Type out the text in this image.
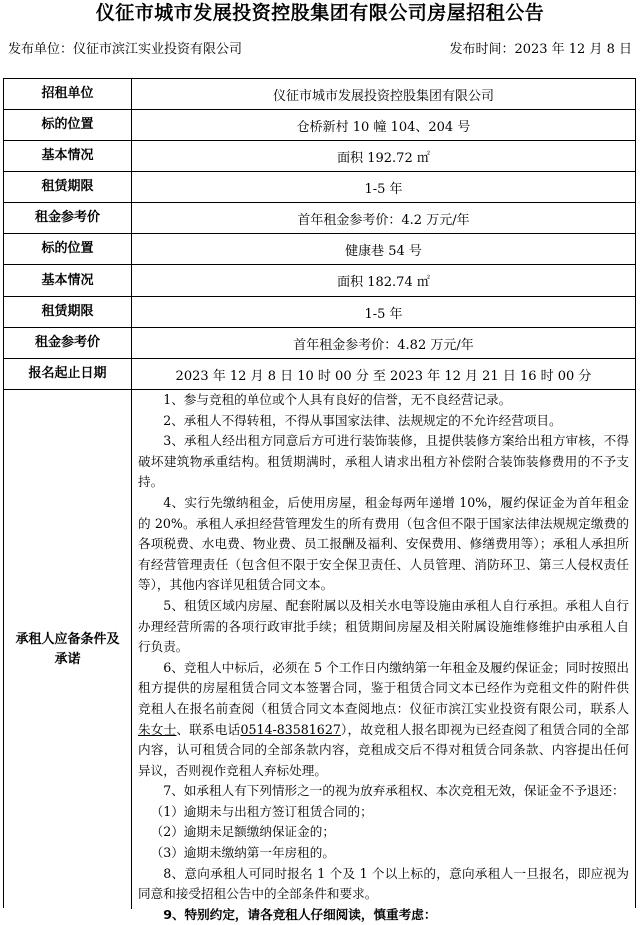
仪征市城市发展投资控股集团有限公司房屋招租公告
发布单位：仪征市滨江实业投资有限公司	发布时间：2023 年 12 月 8 日
招租单位	仪征市城市发展投资控股集团有限公司
标的位置	仓桥新村 10 幢 104、204 号
基本情况	面积 192.72 ㎡
租赁期限	1-5 年
租金参考价	首年租金参考价：4.2 万元/年
标的位置	健康巷 54 号
基本情况	面积 182.74 ㎡
租赁期限	1-5 年
租金参考价	首年租金参考价：4.82 万元/年
报名起止日期	2023 年 12 月 8 日 10 时 00 分 至 2023 年 12 月 21 日 16 时 00 分
承租人应备条件及承诺

1、参与竞租的单位或个人具有良好的信誉，无不良经营记录。

2、承租人不得转租，不得从事国家法律、法规规定的不允许经营项目。

3、承租人经出租方同意后方可进行装饰装修，且提供装修方案给出租方审核，不得破坏建筑物承重结构。租赁期满时，承租人请求出租方补偿附合装饰装修费用的不予支持。

4、实行先缴纳租金，后使用房屋，租金每两年递增 10%，履约保证金为首年租金的 20%。承租人承担经营管理发生的所有费用（包含但不限于国家法律法规规定缴费的各项税费、水电费、物业费、员工报酬及福利、安保费用、修缮费用等）；承租人承担所有经营管理责任（包含但不限于安全保卫责任、人员管理、消防环卫、第三人侵权责任等），其他内容详见租赁合同文本。

5、租赁区域内房屋、配套附属以及相关水电等设施由承租人自行承担。承租人自行办理经营所需的各项行政审批手续；租赁期间房屋及相关附属设施维修维护由承租人自行负责。

6、竞租人中标后，必须在 5 个工作日内缴纳第一年租金及履约保证金；同时按照出租方提供的房屋租赁合同文本签署合同，鉴于租赁合同文本已经作为竞租文件的附件供竞租人在报名前查阅（租赁合同文本查阅地点：仪征市滨江实业投资有限公司，联系人朱女士、联系电话0514-83581627），故竞租人报名即视为已经查阅了租赁合同的全部内容，认可租赁合同的全部条款内容，竞租成交后不得对租赁合同条款、内容提出任何异议，否则视作竞租人弃标处理。

7、如承租人有下列情形之一的视为放弃承租权、本次竞租无效，保证金不予退还：

（1）逾期未与出租方签订租赁合同的；

（2）逾期未足额缴纳保证金的；

（3）逾期未缴纳第一年房租的。

8、意向承租人可同时报名 1 个及 1 个以上标的，意向承租人一旦报名，即应视为同意和接受招租公告中的全部条件和要求。

9、特别约定，请各竞租人仔细阅读，慎重考虑：
